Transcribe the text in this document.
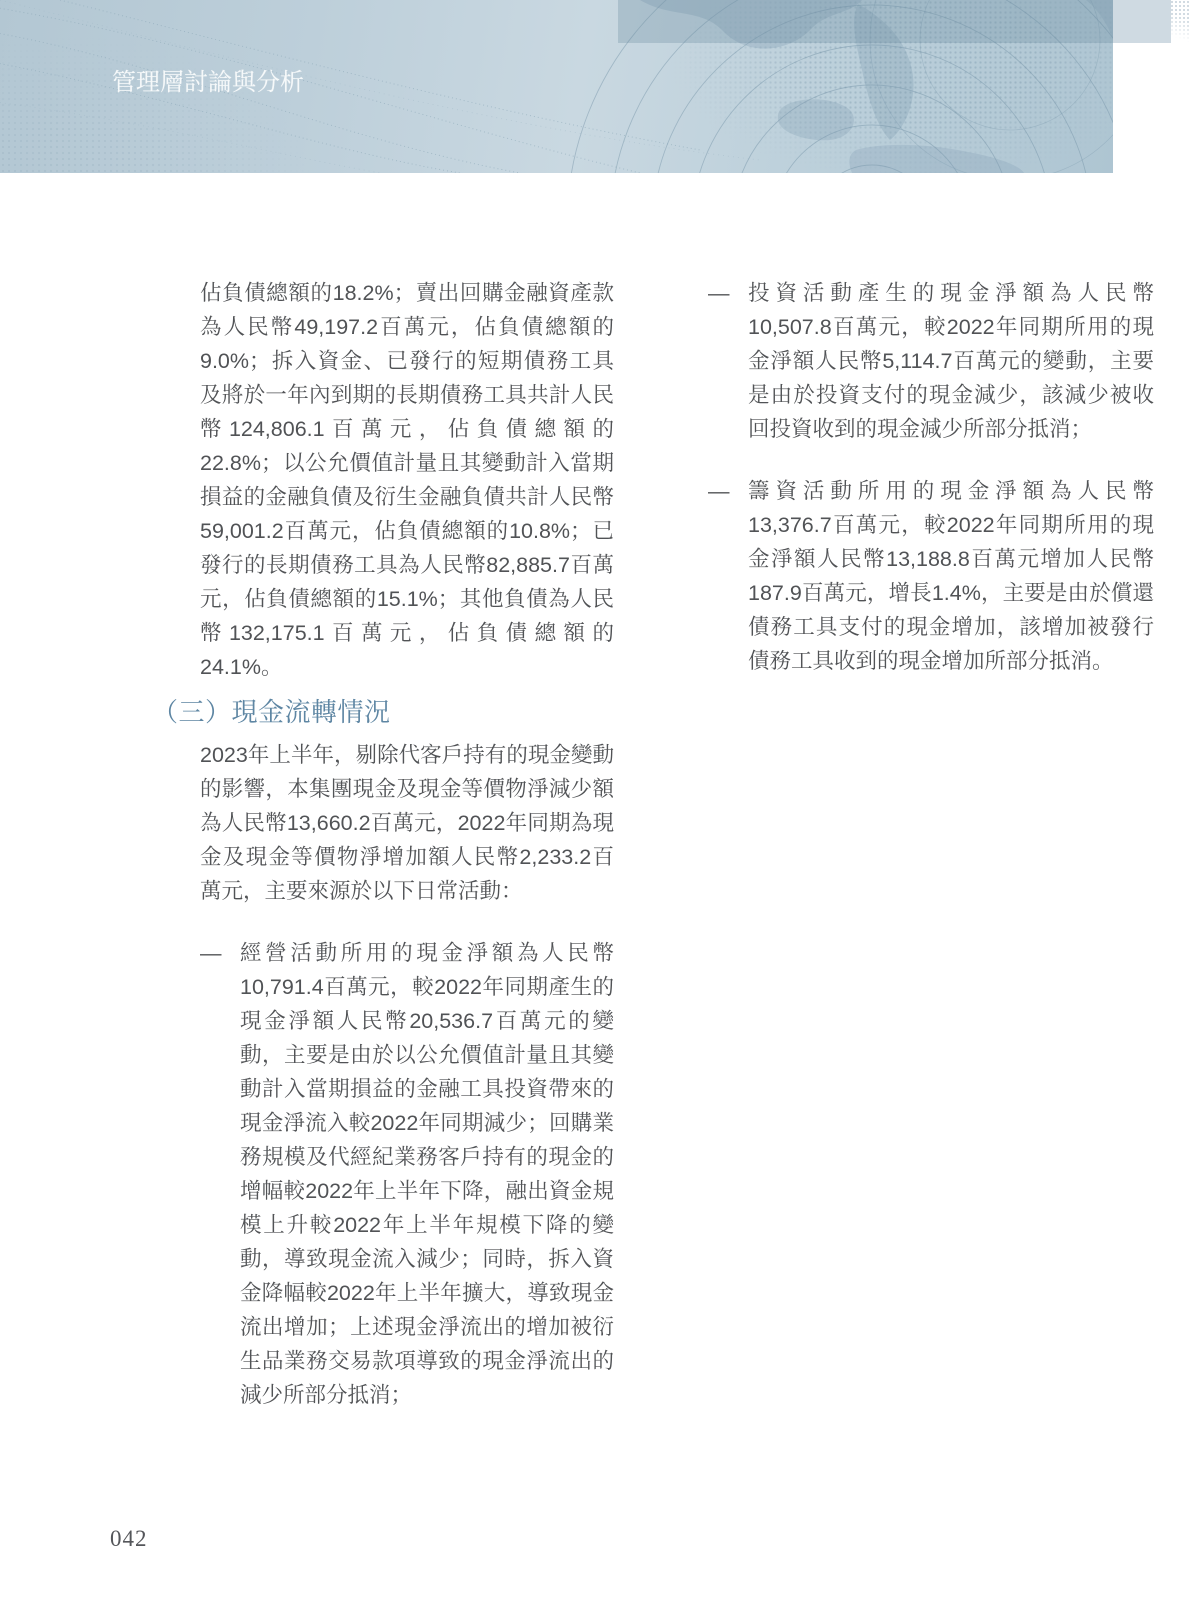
管理層討論與分析

佔負債總額的18.2%；賣出回購金融資產款為人民幣49,197.2百萬元，佔負債總額的9.0%；拆入資金、已發行的短期債務工具及將於一年內到期的長期債務工具共計人民幣124,806.1百萬元，佔負債總額的22.8%；以公允價值計量且其變動計入當期損益的金融負債及衍生金融負債共計人民幣59,001.2百萬元，佔負債總額的10.8%；已發行的長期債務工具為人民幣82,885.7百萬元，佔負債總額的15.1%；其他負債為人民幣132,175.1百萬元，佔負債總額的24.1%。

（三）現金流轉情況

2023年上半年，剔除代客戶持有的現金變動的影響，本集團現金及現金等價物淨減少額為人民幣13,660.2百萬元，2022年同期為現金及現金等價物淨增加額人民幣2,233.2百萬元，主要來源於以下日常活動：

— 經營活動所用的現金淨額為人民幣10,791.4百萬元，較2022年同期產生的現金淨額人民幣20,536.7百萬元的變動，主要是由於以公允價值計量且其變動計入當期損益的金融工具投資帶來的現金淨流入較2022年同期減少；回購業務規模及代經紀業務客戶持有的現金的增幅較2022年上半年下降，融出資金規模上升較2022年上半年規模下降的變動，導致現金流入減少；同時，拆入資金降幅較2022年上半年擴大，導致現金流出增加；上述現金淨流出的增加被衍生品業務交易款項導致的現金淨流出的減少所部分抵消；

— 投資活動產生的現金淨額為人民幣10,507.8百萬元，較2022年同期所用的現金淨額人民幣5,114.7百萬元的變動，主要是由於投資支付的現金減少，該減少被收回投資收到的現金減少所部分抵消；

— 籌資活動所用的現金淨額為人民幣13,376.7百萬元，較2022年同期所用的現金淨額人民幣13,188.8百萬元增加人民幣187.9百萬元，增長1.4%，主要是由於償還債務工具支付的現金增加，該增加被發行債務工具收到的現金增加所部分抵消。

042
